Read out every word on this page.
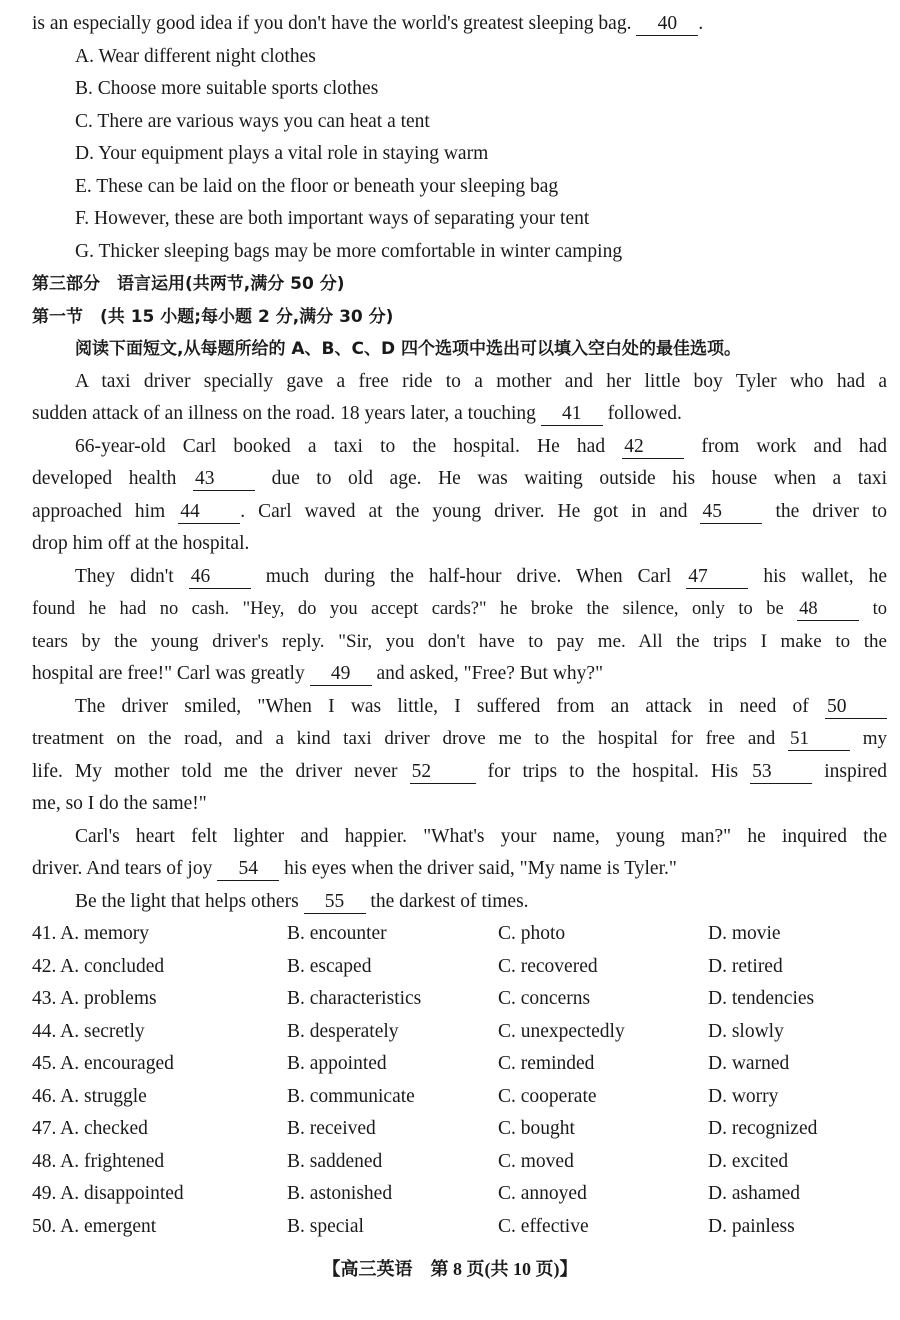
is an especially good idea if you don't have the world's greatest sleeping bag. 40 .
A. Wear different night clothes
B. Choose more suitable sports clothes
C. There are various ways you can heat a tent
D. Your equipment plays a vital role in staying warm
E. These can be laid on the floor or beneath your sleeping bag
F. However, these are both important ways of separating your tent
G. Thicker sleeping bags may be more comfortable in winter camping
第三部分　语言运用(共两节,满分 50 分)
第一节　(共 15 小题;每小题 2 分,满分 30 分)
阅读下面短文,从每题所给的 A、B、C、D 四个选项中选出可以填入空白处的最佳选项。
A taxi driver specially gave a free ride to a mother and her little boy Tyler who had a
sudden attack of an illness on the road. 18 years later, a touching 41 followed.
66-year-old Carl booked a taxi to the hospital. He had 42	from work and had
developed health 43	due to old age. He was waiting outside his house when a taxi
approached him 44 . Carl waved at the young driver. He got in and 45	the driver to
drop him off at the hospital.
They didn't 46	much during the half-hour drive. When Carl 47	his wallet, he
found he had no cash. "Hey, do you accept cards?" he broke the silence, only to be 48	to
tears by the young driver's reply. "Sir, you don't have to pay me. All the trips I make to the
hospital are free!" Carl was greatly 49 and asked, "Free? But why?"
The driver smiled, "When I was little, I suffered from an attack in need of 50
treatment on the road, and a kind taxi driver drove me to the hospital for free and 51	my
life. My mother told me the driver never 52	for trips to the hospital. His 53	inspired
me, so I do the same!"
Carl's heart felt lighter and happier. "What's your name, young man?" he inquired the
driver. And tears of joy 54 his eyes when the driver said, "My name is Tyler."
Be the light that helps others 55 the darkest of times.
41. A. memory	B. encounter	C. photo	D. movie
42. A. concluded	B. escaped	C. recovered	D. retired
43. A. problems	B. characteristics	C. concerns	D. tendencies
44. A. secretly	B. desperately	C. unexpectedly	D. slowly
45. A. encouraged	B. appointed	C. reminded	D. warned
46. A. struggle	B. communicate	C. cooperate	D. worry
47. A. checked	B. received	C. bought	D. recognized
48. A. frightened	B. saddened	C. moved	D. excited
49. A. disappointed	B. astonished	C. annoyed	D. ashamed
50. A. emergent	B. special	C. effective	D. painless
【高三英语　第 8 页(共 10 页)】
